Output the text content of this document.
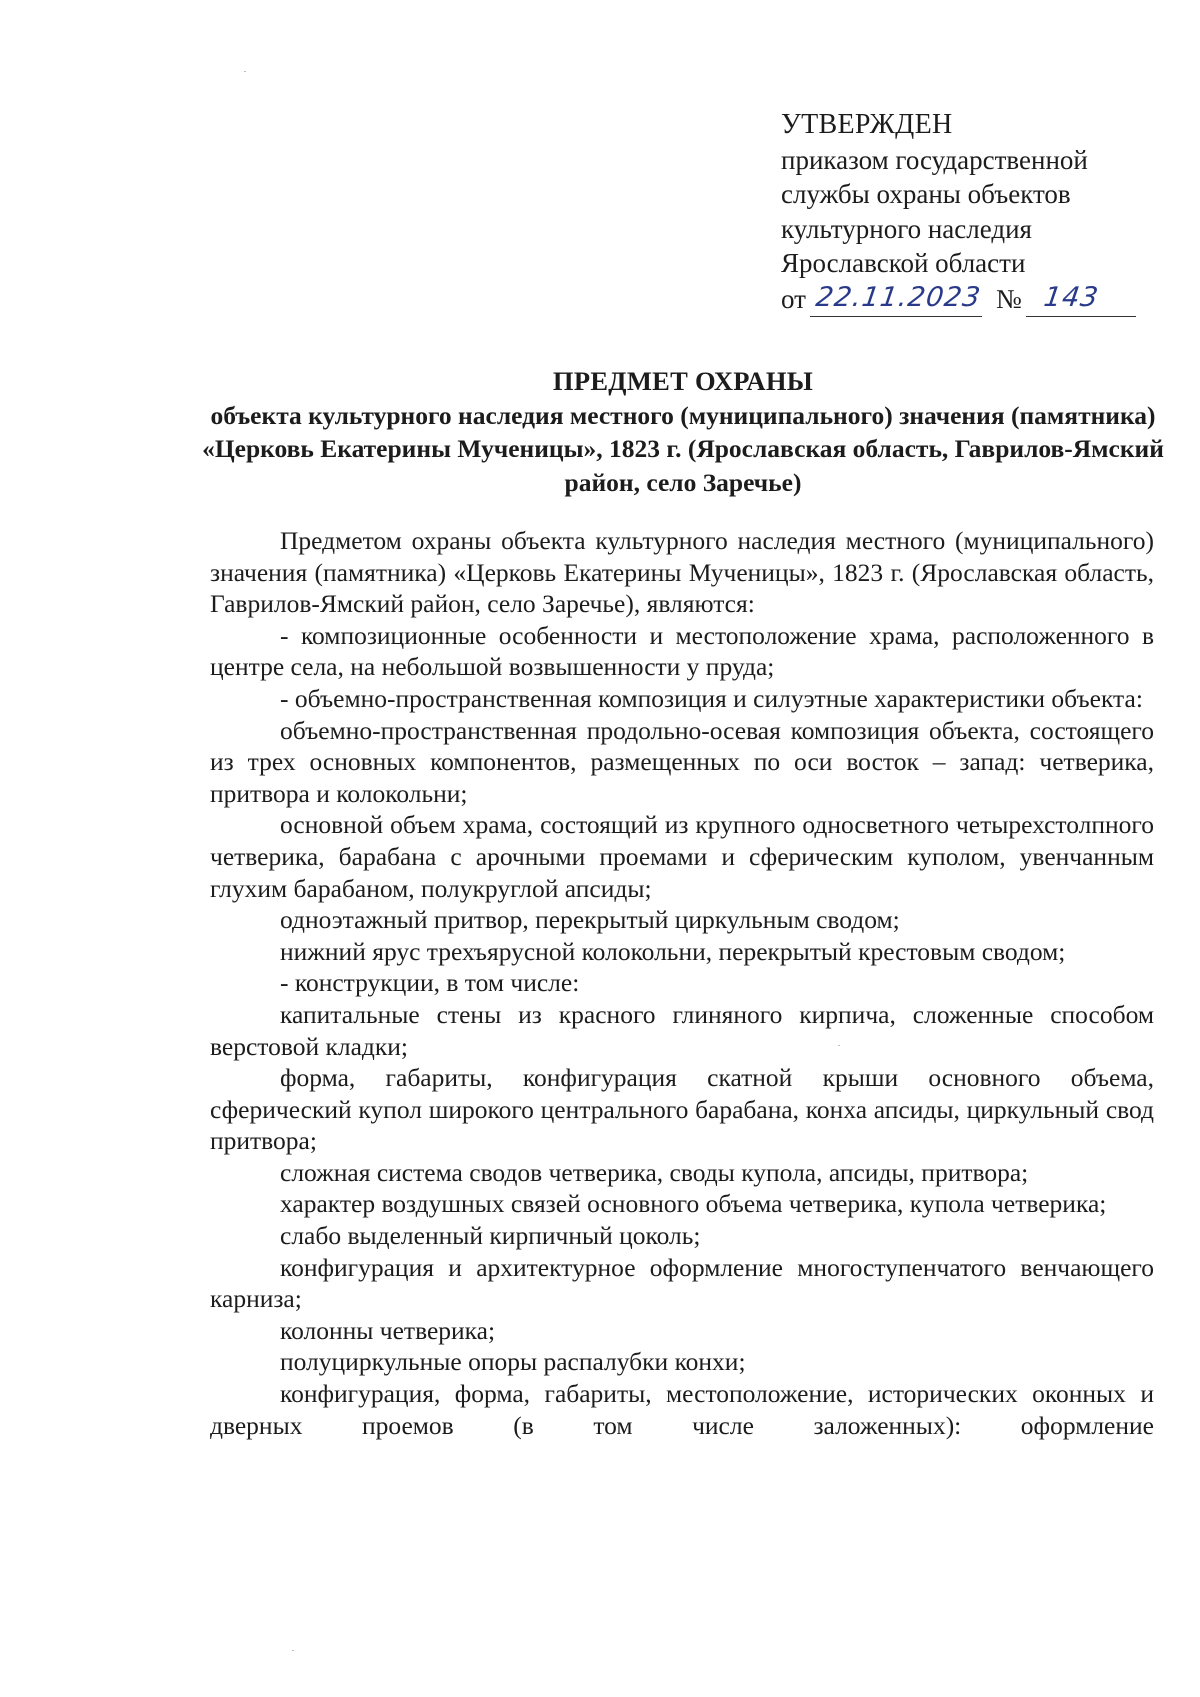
УТВЕРЖДЕН
приказом государственной
службы охраны объектов
культурного наследия
Ярославской области
от 22.11.2023 № 143
ПРЕДМЕТ ОХРАНЫ
объекта культурного наследия местного (муниципального) значения (памятника) «Церковь Екатерины Мученицы», 1823 г. (Ярославская область, Гаврилов-Ямский район, село Заречье)

Предметом охраны объекта культурного наследия местного (муниципального) значения (памятника) «Церковь Екатерины Мученицы», 1823 г. (Ярославская область, Гаврилов-Ямский район, село Заречье), являются:

- композиционные особенности и местоположение храма, расположенного в центре села, на небольшой возвышенности у пруда;

- объемно-пространственная композиция и силуэтные характеристики объекта:

объемно-пространственная продольно-осевая композиция объекта, состоящего из трех основных компонентов, размещенных по оси восток – запад: четверика, притвора и колокольни;

основной объем храма, состоящий из крупного односветного четырехстолпного четверика, барабана с арочными проемами и сферическим куполом, увенчанным глухим барабаном, полукруглой апсиды;

одноэтажный притвор, перекрытый циркульным сводом;

нижний ярус трехъярусной колокольни, перекрытый крестовым сводом;

- конструкции, в том числе:

капитальные стены из красного глиняного кирпича, сложенные способом верстовой кладки;

форма, габариты, конфигурация скатной крыши основного объема, сферический купол широкого центрального барабана, конха апсиды, циркульный свод притвора;

сложная система сводов четверика, своды купола, апсиды, притвора;

характер воздушных связей основного объема четверика, купола четверика;

слабо выделенный кирпичный цоколь;

конфигурация и архитектурное оформление многоступенчатого венчающего карниза;

колонны четверика;

полуциркульные опоры распалубки конхи;

конфигурация, форма, габариты, местоположение, исторических оконных и дверных проемов (в том числе заложенных): оформление
